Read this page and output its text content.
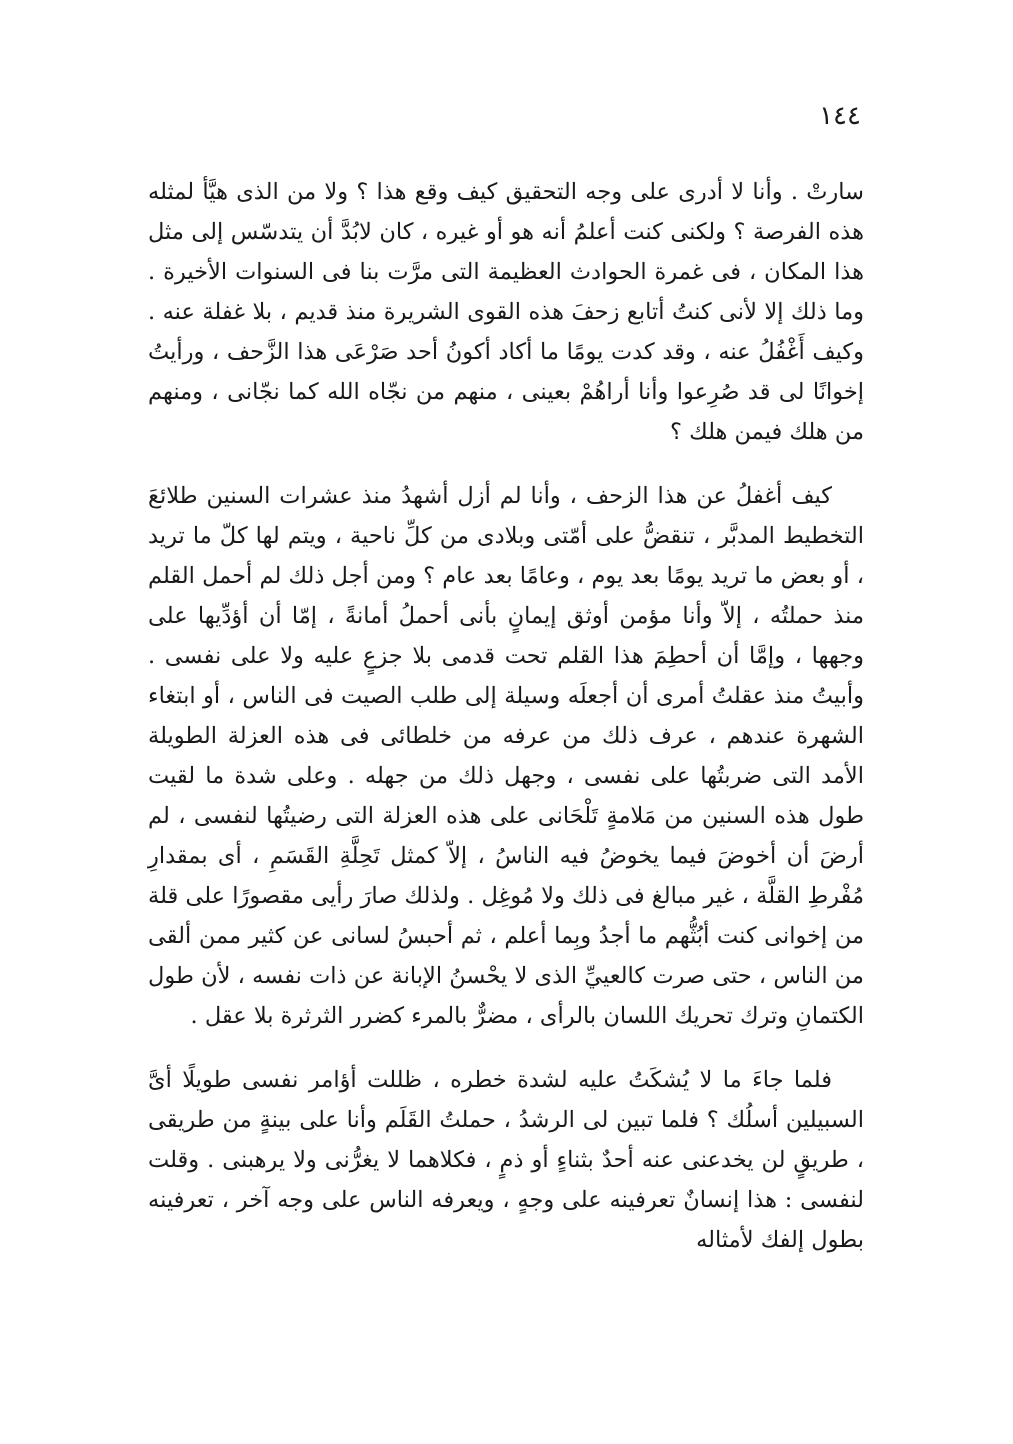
١٤٤

سارتْ . وأنا لا أدرى على وجه التحقيق كيف وقع هذا ؟ ولا من الذى هيَّأ لمثله هذه الفرصة ؟ ولكنى كنت أعلمُ أنه هو أو غيره ، كان لابُدَّ أن يتدسّس إلى مثل هذا المكان ، فى غمرة الحوادث العظيمة التى مرَّت بنا فى السنوات الأخيرة . وما ذلك إلا لأنى كنتُ أتابع زحفَ هذه القوى الشريرة منذ قديم ، بلا غفلة عنه . وكيف أَغْفُلُ عنه ، وقد كدت يومًا ما أكاد أكونُ أحد صَرْعَى هذا الزَّحف ، ورأيتُ إخوانًا لى قد صُرِعوا وأنا أراهُمْ بعينى ، منهم من نجّاه الله كما نجّانى ، ومنهم من هلك فيمن هلك ؟

كيف أغفلُ عن هذا الزحف ، وأنا لم أزل أشهدُ منذ عشرات السنين طلائعَ التخطيط المدبَّر ، تنقضُّ على أمّتى وبلادى من كلِّ ناحية ، ويتم لها كلّ ما تريد ، أو بعض ما تريد يومًا بعد يوم ، وعامًا بعد عام ؟ ومن أجل ذلك لم أحمل القلم منذ حملتُه ، إلاّ وأنا مؤمن أوثق إيمانٍ بأنى أحملُ أمانةً ، إمّا أن أؤدِّيها على وجهها ، وإمَّا أن أحطِمَ هذا القلم تحت قدمى بلا جزعٍ عليه ولا على نفسى . وأبيتُ منذ عقلتُ أمرى أن أجعلَه وسيلة إلى طلب الصيت فى الناس ، أو ابتغاء الشهرة عندهم ، عرف ذلك من عرفه من خلطائى فى هذه العزلة الطويلة الأمد التى ضربتُها على نفسى ، وجهل ذلك من جهله . وعلى شدة ما لقيت طول هذه السنين من مَلامةٍ تَلْحَانى على هذه العزلة التى رضيتُها لنفسى ، لم أرضَ أن أخوضَ فيما يخوضُ فيه الناسُ ، إلاّ كمثل تَحِلَّةِ القَسَمِ ، أى بمقدارِ مُفْرطِ القلَّة ، غير مبالغ فى ذلك ولا مُوغِل . ولذلك صارَ رأيى مقصورًا على قلة من إخوانى كنت أبُثُّهم ما أجدُ وبِما أعلم ، ثم أحبسُ لسانى عن كثير ممن ألقى من الناس ، حتى صرت كالعييِّ الذى لا يحْسنُ الإبانة عن ذات نفسه ، لأن طول الكتمانِ وترك تحريك اللسان بالرأى ، مضرٌّ بالمرء كضرر الثرثرة بلا عقل .

فلما جاءَ ما لا يُشكَتُ عليه لشدة خطره ، ظللت أؤامر نفسى طويلًا أىَّ السبيلين أسلُك ؟ فلما تبين لى الرشدُ ، حملتُ القَلَم وأنا على بينةٍ من طريقى ، طريقٍ لن يخدعنى عنه أحدٌ بثناءٍ أو ذمٍ ، فكلاهما لا يغرُّنى ولا يرهبنى . وقلت لنفسى : هذا إنسانٌ تعرفينه على وجهٍ ، ويعرفه الناس على وجه آخر ، تعرفينه بطول إلفك لأمثاله
